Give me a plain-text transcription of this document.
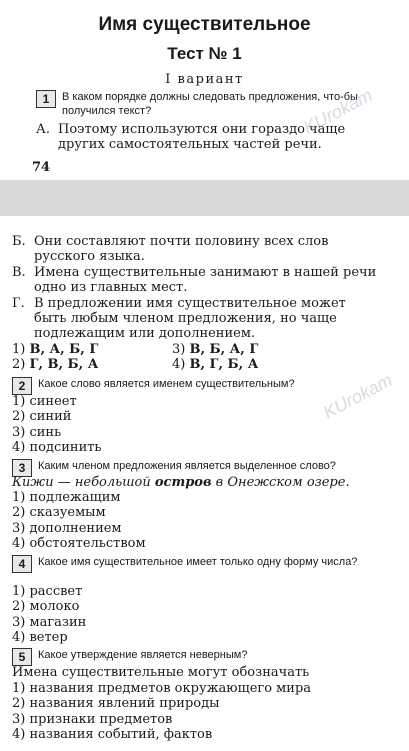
Имя существительное
Тест № 1
I вариант
1	В каком порядке должны следовать предложения, что-бы получился текст?
А. Поэтому используются они гораздо чаще других самостоятельных частей речи.
74
Б. Они составляют почти половину всех слов русского языка.
В. Имена существительные занимают в нашей речи одно из главных мест.
Г. В предложении имя существительное может быть любым членом предложения, но чаще подлежащим или дополнением.
1) В, А, Б, Г	3) В, Б, А, Г
2) Г, В, Б, А	4) В, Г, Б, А
2	Какое слово является именем существительным?
1) синеет
2) синий
3) синь
4) подсинить
3	Каким членом предложения является выделенное слово?
Кижи — небольшой остров в Онежском озере.
1) подлежащим
2) сказуемым
3) дополнением
4) обстоятельством
4	Какое имя существительное имеет только одну форму числа?
1) рассвет
2) молоко
3) магазин
4) ветер
5	Какое утверждение является неверным?
Имена существительные могут обозначать
1) названия предметов окружающего мира
2) названия явлений природы
3) признаки предметов
4) названия событий, фактов
KUrokam
KUrokam
